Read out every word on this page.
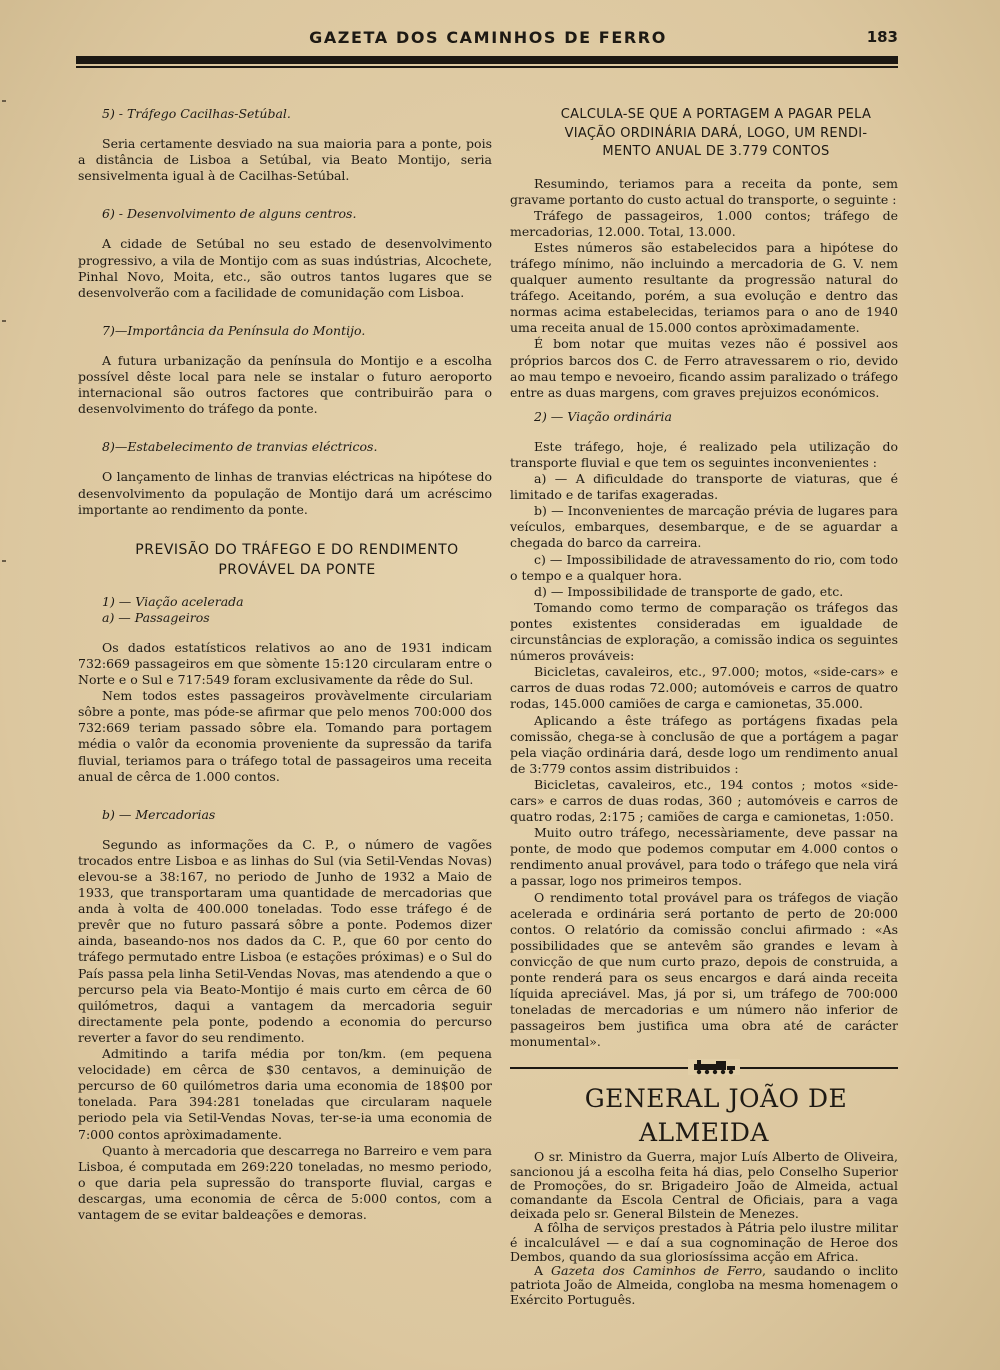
GAZETA DOS CAMINHOS DE FERRO	183

5) - Tráfego Cacilhas-Setúbal.

Seria certamente desviado na sua maioria para a ponte, pois a distância de Lisboa a Setúbal, via Beato Montijo, seria sensivelmenta igual à de Cacilhas-Setúbal.

6) - Desenvolvimento de alguns centros.

A cidade de Setúbal no seu estado de desenvolvimento progressivo, a vila de Montijo com as suas indústrias, Alcochete, Pinhal Novo, Moita, etc., são outros tantos lugares que se desenvolverão com a facilidade de comunidação com Lisboa.

7)—Importância da Península do Montijo.

A futura urbanização da península do Montijo e a escolha possível dêste local para nele se instalar o futuro aeroporto internacional são outros factores que contribuirão para o desenvolvimento do tráfego da ponte.

8)—Estabelecimento de tranvias eléctricos.

O lançamento de linhas de tranvias eléctricas na hipótese do desenvolvimento da população de Montijo dará um acréscimo importante ao rendimento da ponte.

PREVISÃO DO TRÁFEGO E DO RENDIMENTO

PROVÁVEL DA PONTE

1) — Viação acelerada

a) — Passageiros

Os dados estatísticos relativos ao ano de 1931 indicam 732:669 passageiros em que sòmente 15:120 circularam entre o Norte e o Sul e 717:549 foram exclusivamente da rêde do Sul.

Nem todos estes passageiros provàvelmente circulariam sôbre a ponte, mas póde-se afirmar que pelo menos 700:000 dos 732:669 teriam passado sôbre ela. Tomando para portagem média o valôr da economia proveniente da supressão da tarifa fluvial, teriamos para o tráfego total de passageiros uma receita anual de cêrca de 1.000 contos.

b) — Mercadorias

Segundo as informações da C. P., o número de vagões trocados entre Lisboa e as linhas do Sul (via Setil-Vendas Novas) elevou-se a 38:167, no periodo de Junho de 1932 a Maio de 1933, que transportaram uma quantidade de mercadorias que anda à volta de 400.000 toneladas. Todo esse tráfego é de prevêr que no futuro passará sôbre a ponte. Podemos dizer ainda, baseando-nos nos dados da C. P., que 60 por cento do tráfego permutado entre Lisboa (e estações próximas) e o Sul do País passa pela linha Setil-Vendas Novas, mas atendendo a que o percurso pela via Beato-Montijo é mais curto em cêrca de 60 quilómetros, daqui a vantagem da mercadoria seguir directamente pela ponte, podendo a economia do percurso reverter a favor do seu rendimento.

Admitindo a tarifa média por ton/km. (em pequena velocidade) em cêrca de $30 centavos, a deminuição de percurso de 60 quilómetros daria uma economia de 18$00 por tonelada. Para 394:281 toneladas que circularam naquele periodo pela via Setil-Vendas Novas, ter-se-ia uma economia de 7:000 contos apròximadamente.

Quanto à mercadoria que descarrega no Barreiro e vem para Lisboa, é computada em 269:220 toneladas, no mesmo periodo, o que daria pela supressão do transporte fluvial, cargas e descargas, uma economia de cêrca de 5:000 contos, com a vantagem de se evitar baldeações e demoras.

CALCULA-SE QUE A PORTAGEM A PAGAR PELA

VIAÇÃO ORDINÁRIA DARÁ, LOGO, UM RENDI-

MENTO ANUAL DE 3.779 CONTOS

Resumindo, teriamos para a receita da ponte, sem gravame portanto do custo actual do transporte, o seguinte :

Tráfego de passageiros, 1.000 contos; tráfego de mercadorias, 12.000. Total, 13.000.

Estes números são estabelecidos para a hipótese do tráfego mínimo, não incluindo a mercadoria de G. V. nem qualquer aumento resultante da progressão natural do tráfego. Aceitando, porém, a sua evolução e dentro das normas acima estabelecidas, teriamos para o ano de 1940 uma receita anual de 15.000 contos apròximadamente.

É bom notar que muitas vezes não é possivel aos próprios barcos dos C. de Ferro atravessarem o rio, devido ao mau tempo e nevoeiro, ficando assim paralizado o tráfego entre as duas margens, com graves prejuizos económicos.

2) — Viação ordinária

Este tráfego, hoje, é realizado pela utilização do transporte fluvial e que tem os seguintes inconvenientes :

a) — A dificuldade do transporte de viaturas, que é limitado e de tarifas exageradas.

b) — Inconvenientes de marcação prévia de lugares para veículos, embarques, desembarque, e de se aguardar a chegada do barco da carreira.

c) — Impossibilidade de atravessamento do rio, com todo o tempo e a qualquer hora.

d) — Impossibilidade de transporte de gado, etc.

Tomando como termo de comparação os tráfegos das pontes existentes consideradas em igualdade de circunstâncias de exploração, a comissão indica os seguintes números prováveis:

Bicicletas, cavaleiros, etc., 97.000; motos, «side-cars» e carros de duas rodas 72.000; automóveis e carros de quatro rodas, 145.000 camiões de carga e camionetas, 35.000.

Aplicando a êste tráfego as portágens fixadas pela comissão, chega-se à conclusão de que a portágem a pagar pela viação ordinária dará, desde logo um rendimento anual de 3:779 contos assim distribuidos :

Bicicletas, cavaleiros, etc., 194 contos ; motos «side-cars» e carros de duas rodas, 360 ; automóveis e carros de quatro rodas, 2:175 ; camiões de carga e camionetas, 1:050.

Muito outro tráfego, necessàriamente, deve passar na ponte, de modo que podemos computar em 4.000 contos o rendimento anual provável, para todo o tráfego que nela virá a passar, logo nos primeiros tempos.

O rendimento total provável para os tráfegos de viação acelerada e ordinária será portanto de perto de 20:000 contos. O relatório da comissão conclui afirmado : «As possibilidades que se antevêm são grandes e levam à convicção de que num curto prazo, depois de construida, a ponte renderá para os seus encargos e dará ainda receita líquida apreciável. Mas, já por si, um tráfego de 700:000 toneladas de mercadorias e um número não inferior de passageiros bem justifica uma obra até de carácter monumental».

GENERAL JOÃO DE ALMEIDA

O sr. Ministro da Guerra, major Luís Alberto de Oliveira, sancionou já a escolha feita há dias, pelo Conselho Superior de Promoções, do sr. Brigadeiro João de Almeida, actual comandante da Escola Central de Oficiais, para a vaga deixada pelo sr. General Bilstein de Menezes.

A fôlha de serviços prestados à Pátria pelo ilustre militar é incalculável — e daí a sua cognominação de Heroe dos Dembos, quando da sua gloriosíssima acção em Africa.

A Gazeta dos Caminhos de Ferro, saudando o inclito patriota João de Almeida, congloba na mesma homenagem o Exército Português.
